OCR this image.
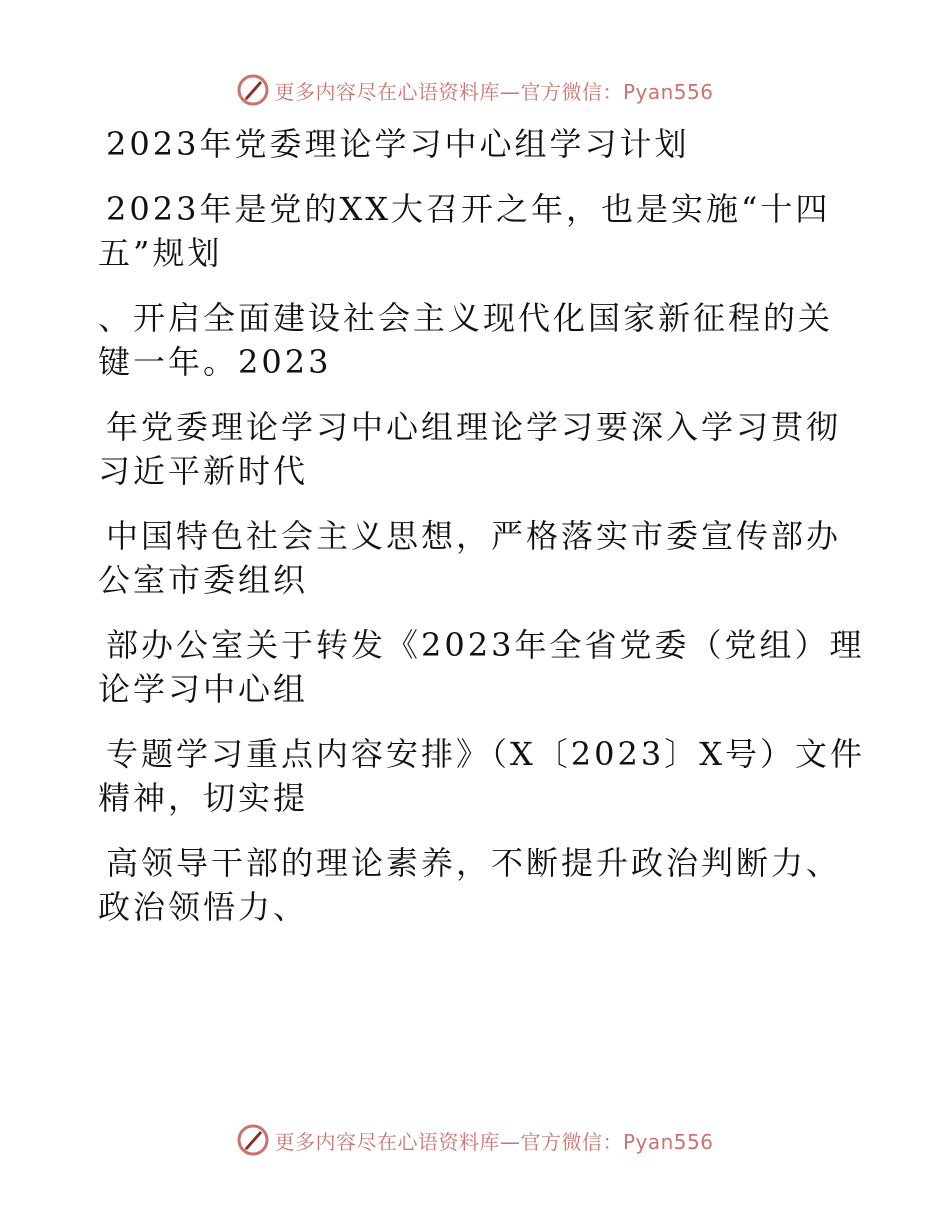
更多内容尽在心语资料库—官方微信：Pyan556
2023年党委理论学习中心组学习计划
2023年是党的XX大召开之年，也是实施“十四
五”规划
、开启全面建设社会主义现代化国家新征程的关
键一年。2023
年党委理论学习中心组理论学习要深入学习贯彻
习近平新时代
中国特色社会主义思想，严格落实市委宣传部办
公室市委组织
部办公室关于转发《2023年全省党委（党组）理
论学习中心组
专题学习重点内容安排》（X〔2023〕X号）文件
精神，切实提
高领导干部的理论素养，不断提升政治判断力、
政治领悟力、
更多内容尽在心语资料库—官方微信：Pyan556
